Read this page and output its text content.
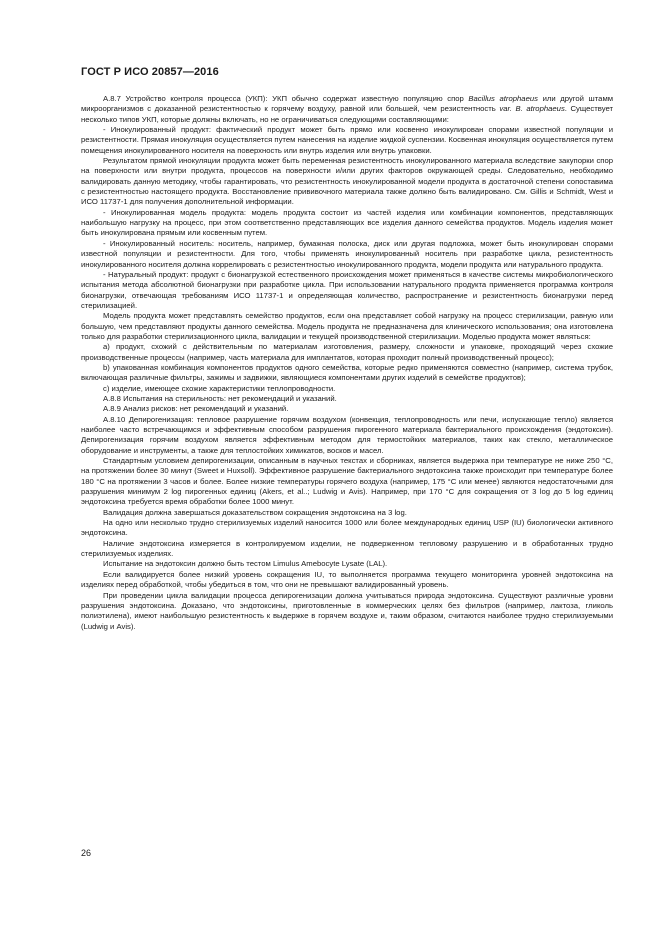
ГОСТ Р ИСО 20857—2016

А.8.7 Устройство контроля процесса (УКП): УКП обычно содержат известную популяцию спор Bacillus atrophaeus или другой штамм микроорганизмов с доказанной резистентностью к горячему воздуху, равной или большей, чем резистентность var. B. atrophaeus. Существует несколько типов УКП, которые должны включать, но не ограничиваться следующими составляющими:

- Инокулированный продукт: фактический продукт может быть прямо или косвенно инокулирован спорами известной популяции и резистентности. Прямая инокуляция осуществляется путем нанесения на изделие жидкой суспензии. Косвенная инокуляция осуществляется путем помещения инокулированного носителя на поверхность или внутрь изделия или внутрь упаковки.

Результатом прямой инокуляции продукта может быть переменная резистентность инокулированного материала вследствие закупорки спор на поверхности или внутри продукта, процессов на поверхности и/или других факторов окружающей среды. Следовательно, необходимо валидировать данную методику, чтобы гарантировать, что резистентность инокулированной модели продукта в достаточной степени сопоставима с резистентностью настоящего продукта. Восстановление прививочного материала также должно быть валидировано. См. Gillis и Schmidt, West и ИСО 11737-1 для получения дополнительной информации.

- Инокулированная модель продукта: модель продукта состоит из частей изделия или комбинации компонентов, представляющих наибольшую нагрузку на процесс, при этом соответственно представляющих все изделия данного семейства продуктов. Модель изделия может быть инокулирована прямым или косвенным путем.

- Инокулированный носитель: носитель, например, бумажная полоска, диск или другая подложка, может быть инокулирован спорами известной популяции и резистентности. Для того, чтобы применять инокулированный носитель при разработке цикла, резистентность инокулированного носителя должна коррелировать с резистентностью инокулированного продукта, модели продукта или натурального продукта.

- Натуральный продукт: продукт с бионагрузкой естественного происхождения может применяться в качестве системы микробиологического испытания метода абсолютной бионагрузки при разработке цикла. При использовании натурального продукта применяется программа контроля бионагрузки, отвечающая требованиям ИСО 11737-1 и определяющая количество, распространение и резистентность бионагрузки перед стерилизацией.

Модель продукта может представлять семейство продуктов, если она представляет собой нагрузку на процесс стерилизации, равную или большую, чем представляют продукты данного семейства. Модель продукта не предназначена для клинического использования; она изготовлена только для разработки стерилизационного цикла, валидации и текущей производственной стерилизации. Моделью продукта может являться:

а) продукт, схожий с действительным по материалам изготовления, размеру, сложности и упаковке, проходящий через схожие производственные процессы (например, часть материала для имплантатов, которая проходит полный производственный процесс);

b) упакованная комбинация компонентов продуктов одного семейства, которые редко применяются совместно (например, система трубок, включающая различные фильтры, зажимы и задвижки, являющиеся компонентами других изделий в семействе продуктов);

с) изделие, имеющее схожие характеристики теплопроводности.

А.8.8 Испытания на стерильность: нет рекомендаций и указаний.

А.8.9 Анализ рисков: нет рекомендаций и указаний.

А.8.10 Депирогенизация: тепловое разрушение горячим воздухом (конвекция, теплопроводность или печи, испускающие тепло) является наиболее часто встречающимся и эффективным способом разрушения пирогенного материала бактериального происхождения (эндотоксин). Депирогенизация горячим воздухом является эффективным методом для термостойких материалов, таких как стекло, металлическое оборудование и инструменты, а также для теплостойких химикатов, восков и масел.

Стандартным условием депирогенизации, описанным в научных текстах и сборниках, является выдержка при температуре не ниже 250 °С, на протяжении более 30 минут (Sweet и Huxsoll). Эффективное разрушение бактериального эндотоксина также происходит при температуре более 180 °С на протяжении 3 часов и более. Более низкие температуры горячего воздуха (например, 175 °С или менее) являются недостаточными для разрушения минимум 2 log пирогенных единиц (Akers, et al..; Ludwig и Avis). Например, при 170 °С для сокращения от 3 log до 5 log единиц эндотоксина требуется время обработки более 1000 минут.

Валидация должна завершаться доказательством сокращения эндотоксина на 3 log.

На одно или несколько трудно стерилизуемых изделий наносится 1000 или более международных единиц USP (IU) биологически активного эндотоксина.

Наличие эндотоксина измеряется в контролируемом изделии, не подверженном тепловому разрушению и в обработанных трудно стерилизуемых изделиях.

Испытание на эндотоксин должно быть тестом Limulus Amebocyte Lysate (LAL).

Если валидируется более низкий уровень сокращения IU, то выполняется программа текущего мониторинга уровней эндотоксина на изделиях перед обработкой, чтобы убедиться в том, что они не превышают валидированный уровень.

При проведении цикла валидации процесса депирогенизации должна учитываться природа эндотоксина. Существуют различные уровни разрушения эндотоксина. Доказано, что эндотоксины, приготовленные в коммерческих целях без фильтров (например, лактоза, гликоль полиэтилена), имеют наибольшую резистентность к выдержке в горячем воздухе и, таким образом, считаются наиболее трудно стерилизуемыми (Ludwig и Avis).

26
